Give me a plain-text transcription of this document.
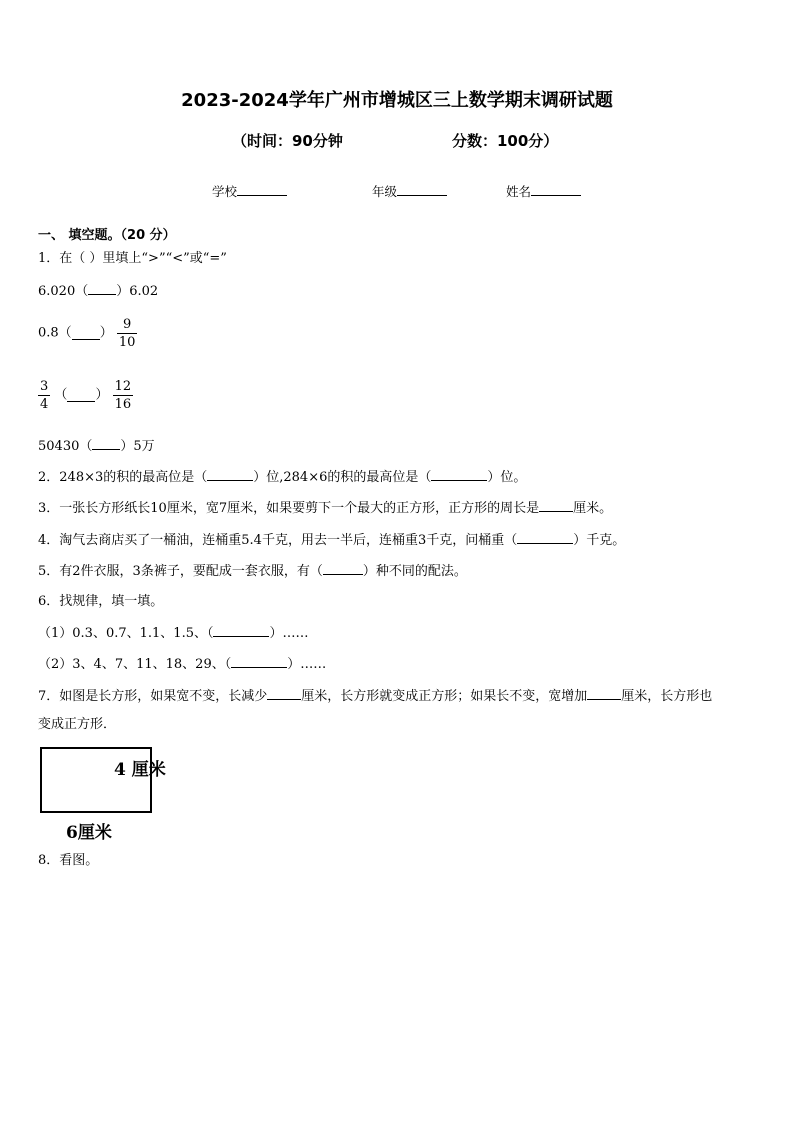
2023-2024学年广州市增城区三上数学期末调研试题
（时间：90分钟	分数：100分）
学校	年级	姓名
一、 填空题。（20 分）
1．在（ ）里填上“>”“<”或“=”
6.020（ ）6.02
0.8（ ） $\frac{9}{10}$
$\frac{3}{4}$ （ ） $\frac{12}{16}$
50430（ ）5万
2．248×3的积的最高位是（	）位,284×6的积的最高位是（	）位。
3．一张长方形纸长10厘米，宽7厘米，如果要剪下一个最大的正方形，正方形的周长是	厘米。
4．淘气去商店买了一桶油，连桶重5.4千克，用去一半后，连桶重3千克，问桶重（	）千克。
5．有2件衣服，3条裤子，要配成一套衣服，有（	）种不同的配法。
6．找规律，填一填。
（1）0.3、0.7、1.1、1.5、（	）……
（2）3、4、7、11、18、29、（	）……
7．如图是长方形，如果宽不变，长减少	厘米，长方形就变成正方形；如果长不变，宽增加	厘米，长方形也
变成正方形．
4 厘米
6厘米
8．看图。
